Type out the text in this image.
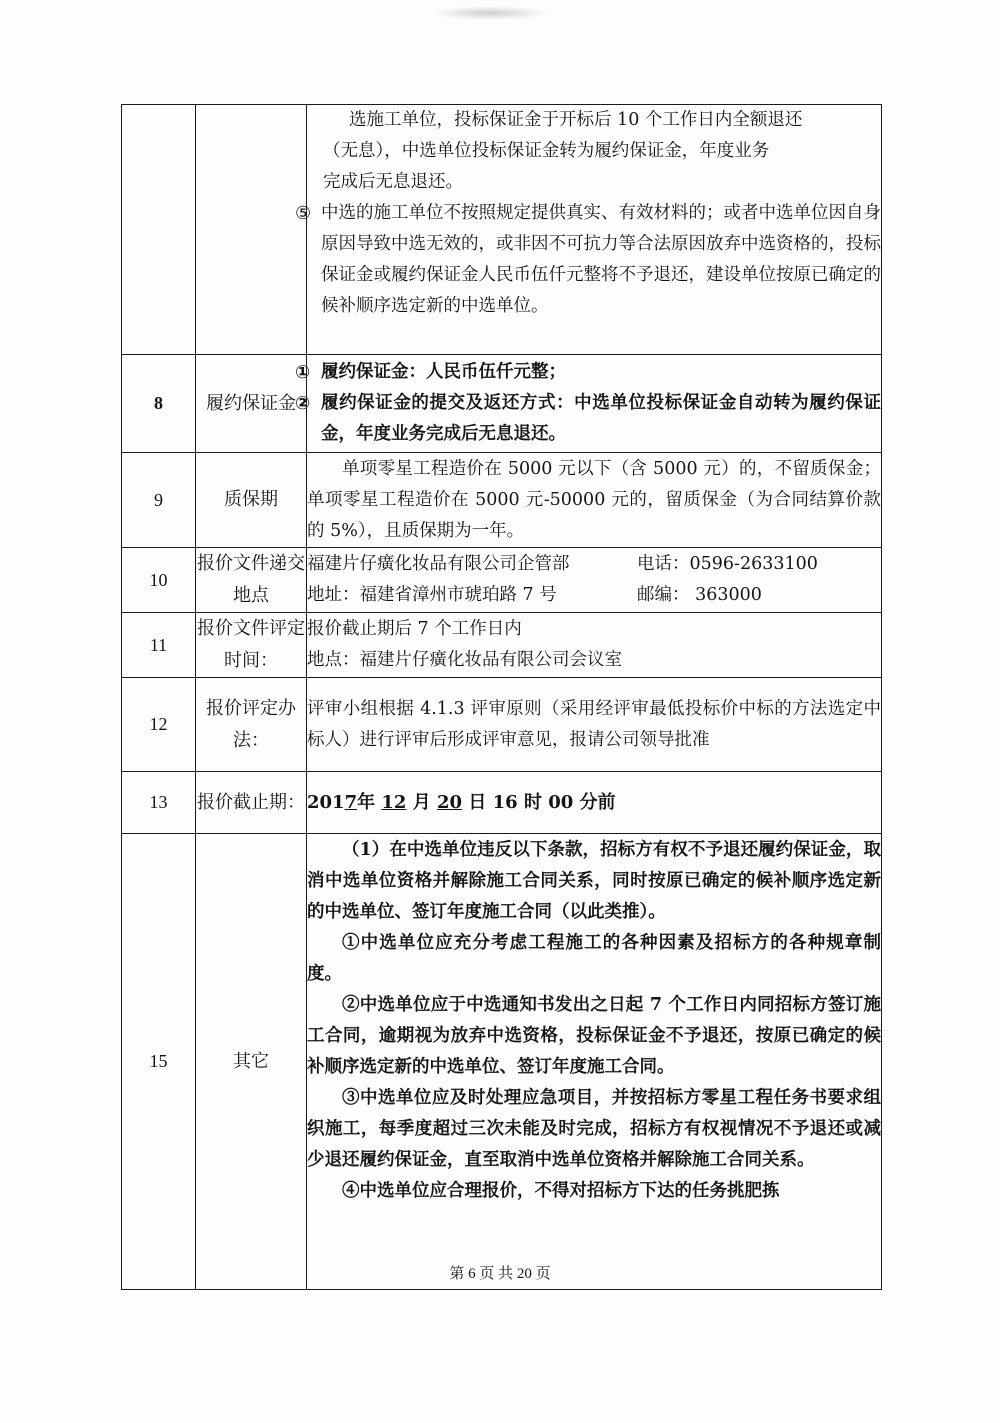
		选施工单位，投标保证金于开标后 10 个工作日内全额退还

（无息），中选单位投标保证金转为履约保证金，年度业务

完成后无息退还。

⑤ 中选的施工单位不按照规定提供真实、有效材料的；或者中选单位因自身原因导致中选无效的，或非因不可抗力等合法原因放弃中选资格的，投标保证金或履约保证金人民币伍仟元整将不予退还，建设单位按原已确定的候补顺序选定新的中选单位。

8	履约保证金	① 履约保证金：人民币伍仟元整；
② 履约保证金的提交及返还方式：中选单位投标保证金自动转为履约保证金，年度业务完成后无息退还。

9	质保期	单项零星工程造价在 5000 元以下（含 5000 元）的，不留质保金；单项零星工程造价在 5000 元-50000 元的，留质保金（为合同结算价款的 5%），且质保期为一年。

10	报价文件递交地点	福建片仔癀化妆品有限公司企管部 电话：0596-2633100
地址：福建省漳州市琥珀路 7 号 邮编： 363000

11	报价文件评定时间：	报价截止期后 7 个工作日内

地点：福建片仔癀化妆品有限公司会议室

12	报价评定办法：	评审小组根据 4.1.3 评审原则（采用经评审最低投标价中标的方法选定中标人）进行评审后形成评审意见，报请公司领导批准

13	报价截止期：	2017年 12 月 20 日 16 时 00 分前
15	其它	（1）在中选单位违反以下条款，招标方有权不予退还履约保证金，取消中选单位资格并解除施工合同关系，同时按原已确定的候补顺序选定新的中选单位、签订年度施工合同（以此类推）。

①中选单位应充分考虑工程施工的各种因素及招标方的各种规章制度。

②中选单位应于中选通知书发出之日起 7 个工作日内同招标方签订施工合同，逾期视为放弃中选资格，投标保证金不予退还，按原已确定的候补顺序选定新的中选单位、签订年度施工合同。

③中选单位应及时处理应急项目，并按招标方零星工程任务书要求组织施工，每季度超过三次未能及时完成，招标方有权视情况不予退还或减少退还履约保证金，直至取消中选单位资格并解除施工合同关系。

④中选单位应合理报价，不得对招标方下达的任务挑肥拣

第 6 页 共 20 页
